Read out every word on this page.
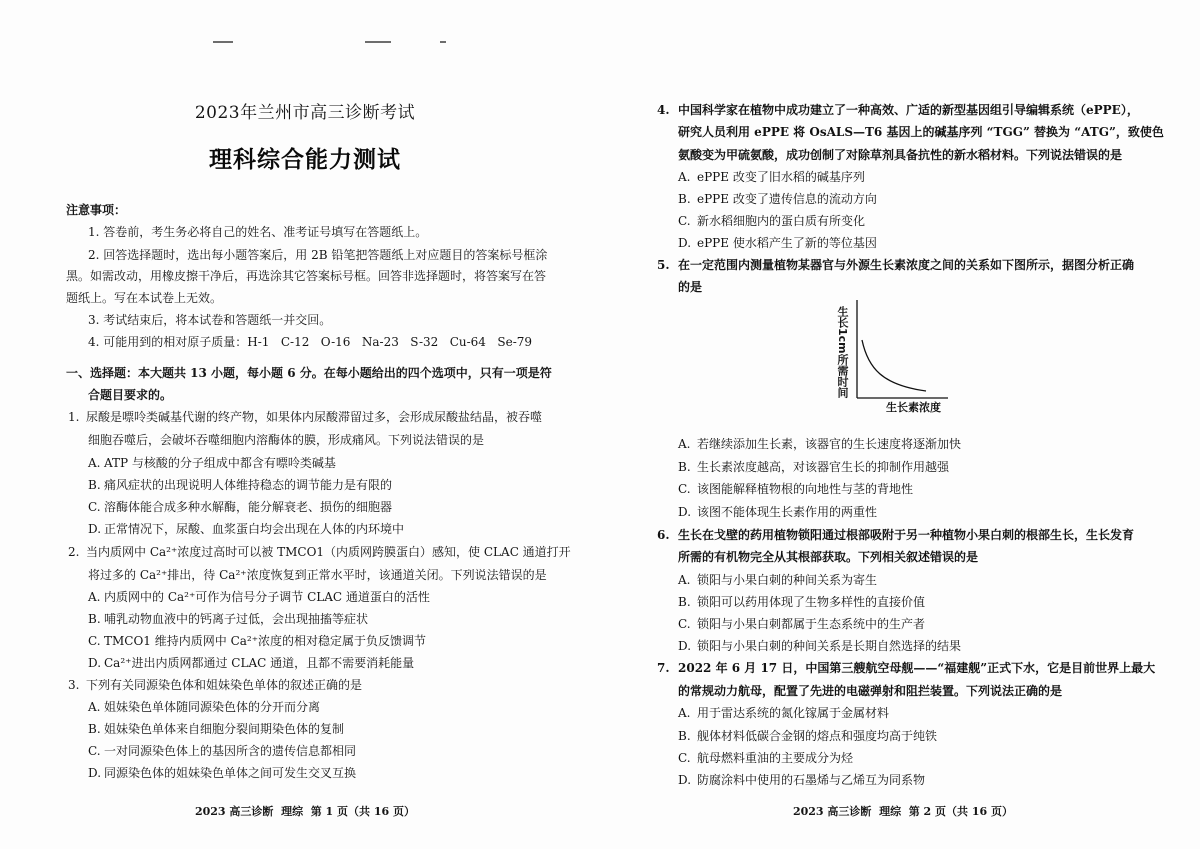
2023年兰州市高三诊断考试
理科综合能力测试
注意事项：
1. 答卷前，考生务必将自己的姓名、准考证号填写在答题纸上。
2. 回答选择题时，选出每小题答案后，用 2B 铅笔把答题纸上对应题目的答案标号框涂
黑。如需改动，用橡皮擦干净后，再选涂其它答案标号框。回答非选择题时，将答案写在答
题纸上。写在本试卷上无效。
3. 考试结束后，将本试卷和答题纸一并交回。
4. 可能用到的相对原子质量：H-1   C-12   O-16   Na-23   S-32   Cu-64   Se-79
一、选择题：本大题共 13 小题，每小题 6 分。在每小题给出的四个选项中，只有一项是符
合题目要求的。
1. 尿酸是嘌呤类碱基代谢的终产物，如果体内尿酸滞留过多，会形成尿酸盐结晶，被吞噬
细胞吞噬后，会破坏吞噬细胞内溶酶体的膜，形成痛风。下列说法错误的是
A. ATP 与核酸的分子组成中都含有嘌呤类碱基
B. 痛风症状的出现说明人体维持稳态的调节能力是有限的
C. 溶酶体能合成多种水解酶，能分解衰老、损伤的细胞器
D. 正常情况下，尿酸、血浆蛋白均会出现在人体的内环境中
2. 当内质网中 Ca²⁺浓度过高时可以被 TMCO1（内质网跨膜蛋白）感知，使 CLAC 通道打开
将过多的 Ca²⁺排出，待 Ca²⁺浓度恢复到正常水平时，该通道关闭。下列说法错误的是
A. 内质网中的 Ca²⁺可作为信号分子调节 CLAC 通道蛋白的活性
B. 哺乳动物血液中的钙离子过低，会出现抽搐等症状
C. TMCO1 维持内质网中 Ca²⁺浓度的相对稳定属于负反馈调节
D. Ca²⁺进出内质网都通过 CLAC 通道，且都不需要消耗能量
3. 下列有关同源染色体和姐妹染色单体的叙述正确的是
A. 姐妹染色单体随同源染色体的分开而分离
B. 姐妹染色单体来自细胞分裂间期染色体的复制
C. 一对同源染色体上的基因所含的遗传信息都相同
D. 同源染色体的姐妹染色单体之间可发生交叉互换
2023 高三诊断  理综  第 1 页（共 16 页）
4. 中国科学家在植物中成功建立了一种高效、广适的新型基因组引导编辑系统（ePPE），
研究人员利用 ePPE 将 OsALS—T6 基因上的碱基序列 “TGG” 替换为 “ATG”，致使色
氨酸变为甲硫氨酸，成功创制了对除草剂具备抗性的新水稻材料。下列说法错误的是
A. ePPE 改变了旧水稻的碱基序列
B. ePPE 改变了遗传信息的流动方向
C. 新水稻细胞内的蛋白质有所变化
D. ePPE 使水稻产生了新的等位基因
5. 在一定范围内测量植物某器官与外源生长素浓度之间的关系如下图所示，据图分析正确
的是
生长1cm所需时间
生长素浓度
A. 若继续添加生长素，该器官的生长速度将逐渐加快
B. 生长素浓度越高，对该器官生长的抑制作用越强
C. 该图能解释植物根的向地性与茎的背地性
D. 该图不能体现生长素作用的两重性
6. 生长在戈壁的药用植物锁阳通过根部吸附于另一种植物小果白刺的根部生长，生长发育
所需的有机物完全从其根部获取。下列相关叙述错误的是
A. 锁阳与小果白刺的种间关系为寄生
B. 锁阳可以药用体现了生物多样性的直接价值
C. 锁阳与小果白刺都属于生态系统中的生产者
D. 锁阳与小果白刺的种间关系是长期自然选择的结果
7. 2022 年 6 月 17 日，中国第三艘航空母舰——“福建舰”正式下水，它是目前世界上最大
的常规动力航母，配置了先进的电磁弹射和阻拦装置。下列说法正确的是
A. 用于雷达系统的氮化镓属于金属材料
B. 舰体材料低碳合金钢的熔点和强度均高于纯铁
C. 航母燃料重油的主要成分为烃
D. 防腐涂料中使用的石墨烯与乙烯互为同系物
2023 高三诊断  理综  第 2 页（共 16 页）
